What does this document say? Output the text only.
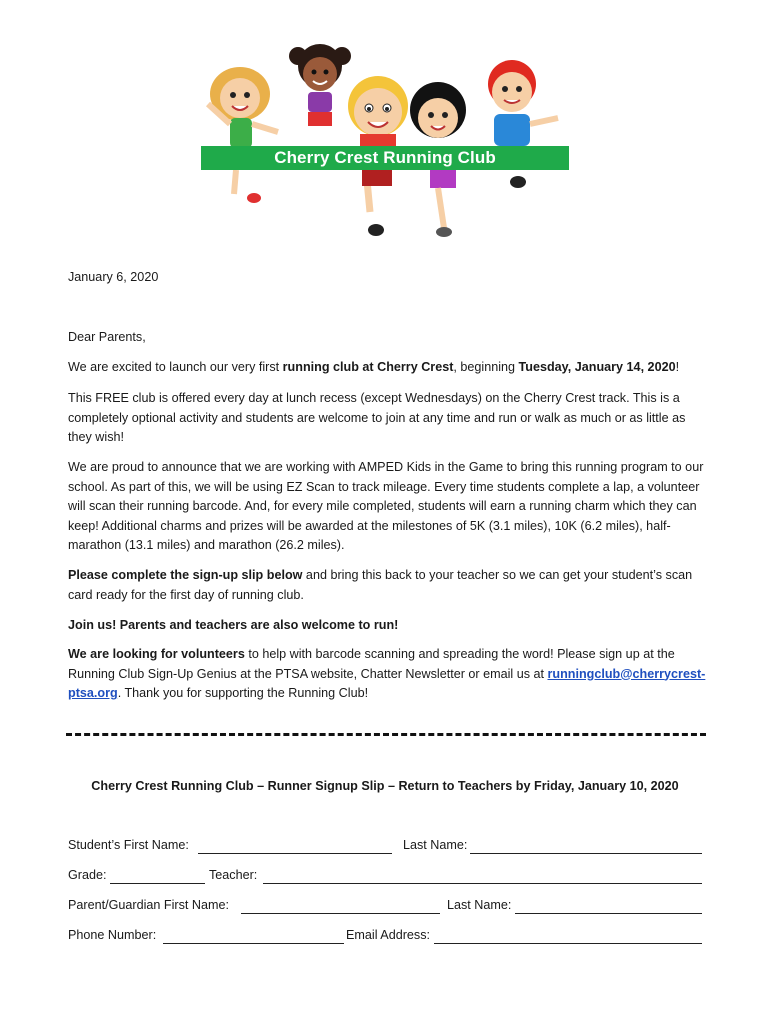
Cherry Crest Running Club
January 6, 2020
Dear Parents,
We are excited to launch our very first running club at Cherry Crest, beginning Tuesday, January 14, 2020!
This FREE club is offered every day at lunch recess (except Wednesdays) on the Cherry Crest track. This is a completely optional activity and students are welcome to join at any time and run or walk as much or as little as they wish!
We are proud to announce that we are working with AMPED Kids in the Game to bring this running program to our school. As part of this, we will be using EZ Scan to track mileage. Every time students complete a lap, a volunteer will scan their running barcode. And, for every mile completed, students will earn a running charm which they can keep! Additional charms and prizes will be awarded at the milestones of 5K (3.1 miles), 10K (6.2 miles), half-marathon (13.1 miles) and marathon (26.2 miles).
Please complete the sign-up slip below and bring this back to your teacher so we can get your student’s scan card ready for the first day of running club.
Join us! Parents and teachers are also welcome to run!
We are looking for volunteers to help with barcode scanning and spreading the word! Please sign up at the Running Club Sign-Up Genius at the PTSA website, Chatter Newsletter or email us at runningclub@cherrycrest-ptsa.org. Thank you for supporting the Running Club!
Cherry Crest Running Club – Runner Signup Slip – Return to Teachers by Friday, January 10, 2020
Student’s First Name:	Last Name:
Grade:	Teacher:
Parent/Guardian First Name:	Last Name:
Phone Number:	Email Address:
